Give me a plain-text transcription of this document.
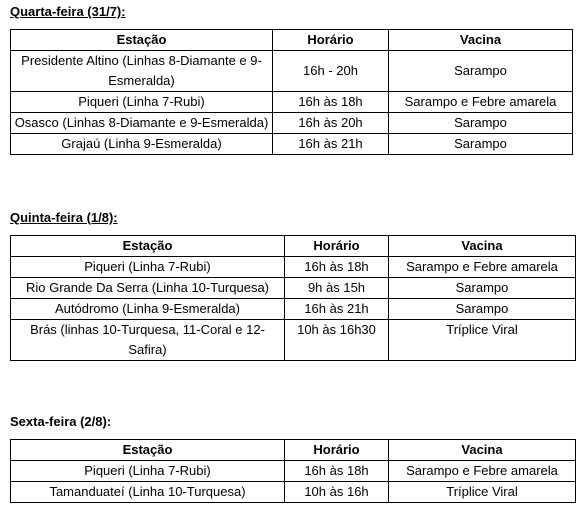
Quarta-feira (31/7):
Estação	Horário	Vacina
Presidente Altino (Linhas 8-Diamante e 9-Esmeralda)	16h - 20h	Sarampo
Piqueri (Linha 7-Rubi)	16h às 18h	Sarampo e Febre amarela
Osasco (Linhas 8-Diamante e 9-Esmeralda)	16h às 20h	Sarampo
Grajaú (Linha 9-Esmeralda)	16h às 21h	Sarampo
Quinta-feira (1/8):
Estação	Horário	Vacina
Piqueri (Linha 7-Rubi)	16h às 18h	Sarampo e Febre amarela
Rio Grande Da Serra (Linha 10-Turquesa)	9h às 15h	Sarampo
Autódromo (Linha 9-Esmeralda)	16h às 21h	Sarampo
Brás (linhas 10-Turquesa, 11-Coral e 12-Safira)	10h às 16h30	Tríplice Viral
Sexta-feira (2/8):
Estação	Horário	Vacina
Piqueri (Linha 7-Rubi)	16h às 18h	Sarampo e Febre amarela
Tamanduateí (Linha 10-Turquesa)	10h às 16h	Tríplice Viral
